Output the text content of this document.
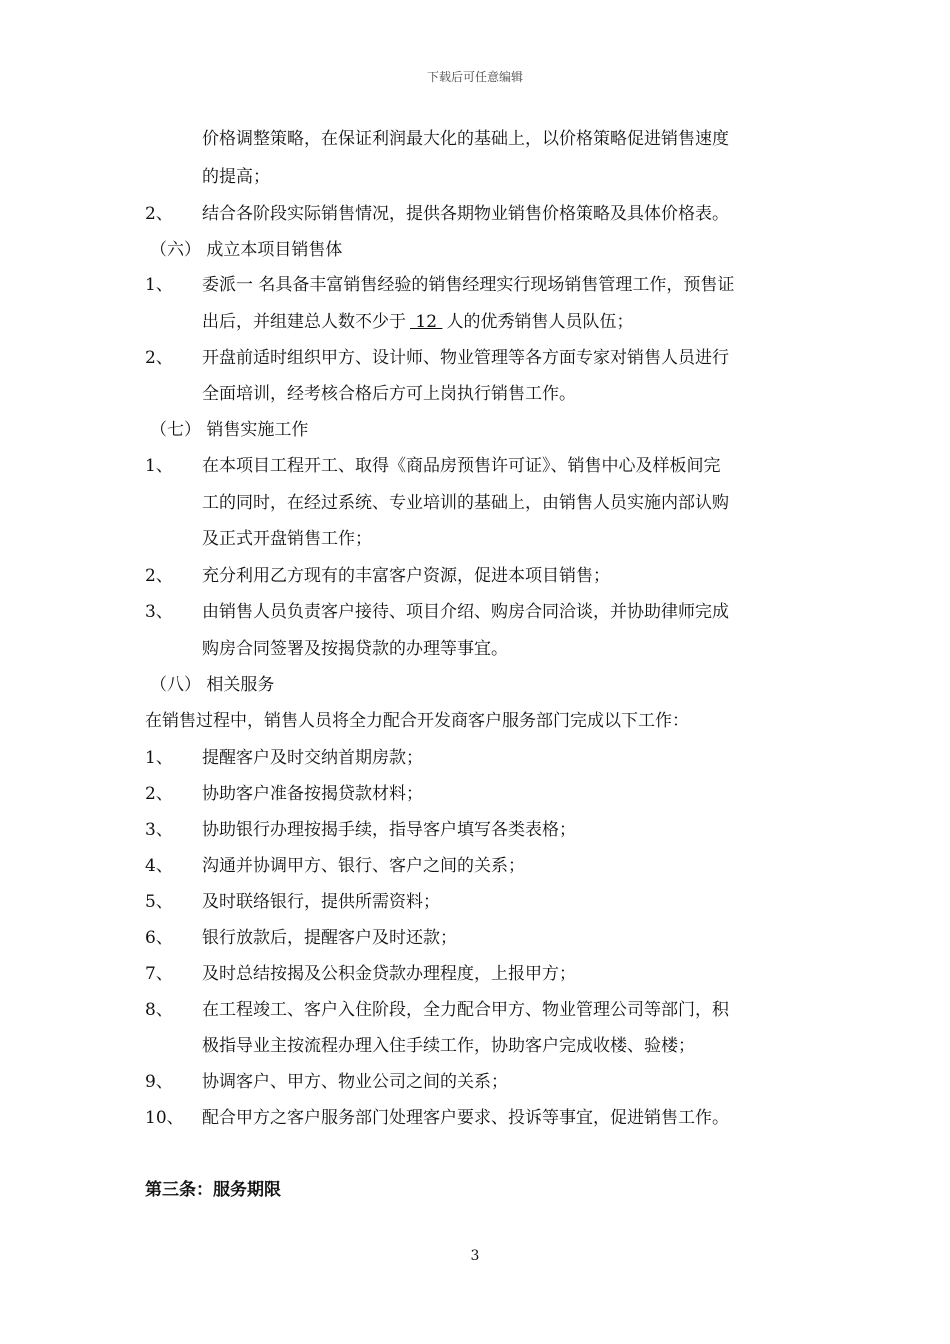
下载后可任意编辑
价格调整策略，在保证利润最大化的基础上，以价格策略促进销售速度
的提高；
2、 结合各阶段实际销售情况，提供各期物业销售价格策略及具体价格表。
（六） 成立本项目销售体
1、 委派一 名具备丰富销售经验的销售经理实行现场销售管理工作，预售证
出后，并组建总人数不少于 12 人的优秀销售人员队伍；
2、 开盘前适时组织甲方、设计师、物业管理等各方面专家对销售人员进行
全面培训，经考核合格后方可上岗执行销售工作。
（七） 销售实施工作
1、 在本项目工程开工、取得《商品房预售许可证》、销售中心及样板间完
工的同时，在经过系统、专业培训的基础上，由销售人员实施内部认购
及正式开盘销售工作；
2、 充分利用乙方现有的丰富客户资源，促进本项目销售；
3、 由销售人员负责客户接待、项目介绍、购房合同洽谈，并协助律师完成
购房合同签署及按揭贷款的办理等事宜。
（八） 相关服务
在销售过程中，销售人员将全力配合开发商客户服务部门完成以下工作：
1、 提醒客户及时交纳首期房款；
2、 协助客户准备按揭贷款材料；
3、 协助银行办理按揭手续，指导客户填写各类表格；
4、 沟通并协调甲方、银行、客户之间的关系；
5、 及时联络银行，提供所需资料；
6、 银行放款后，提醒客户及时还款；
7、 及时总结按揭及公积金贷款办理程度，上报甲方；
8、 在工程竣工、客户入住阶段，全力配合甲方、物业管理公司等部门，积
极指导业主按流程办理入住手续工作，协助客户完成收楼、验楼；
9、 协调客户、甲方、物业公司之间的关系；
10、 配合甲方之客户服务部门处理客户要求、投诉等事宜，促进销售工作。
第三条：服务期限
3
